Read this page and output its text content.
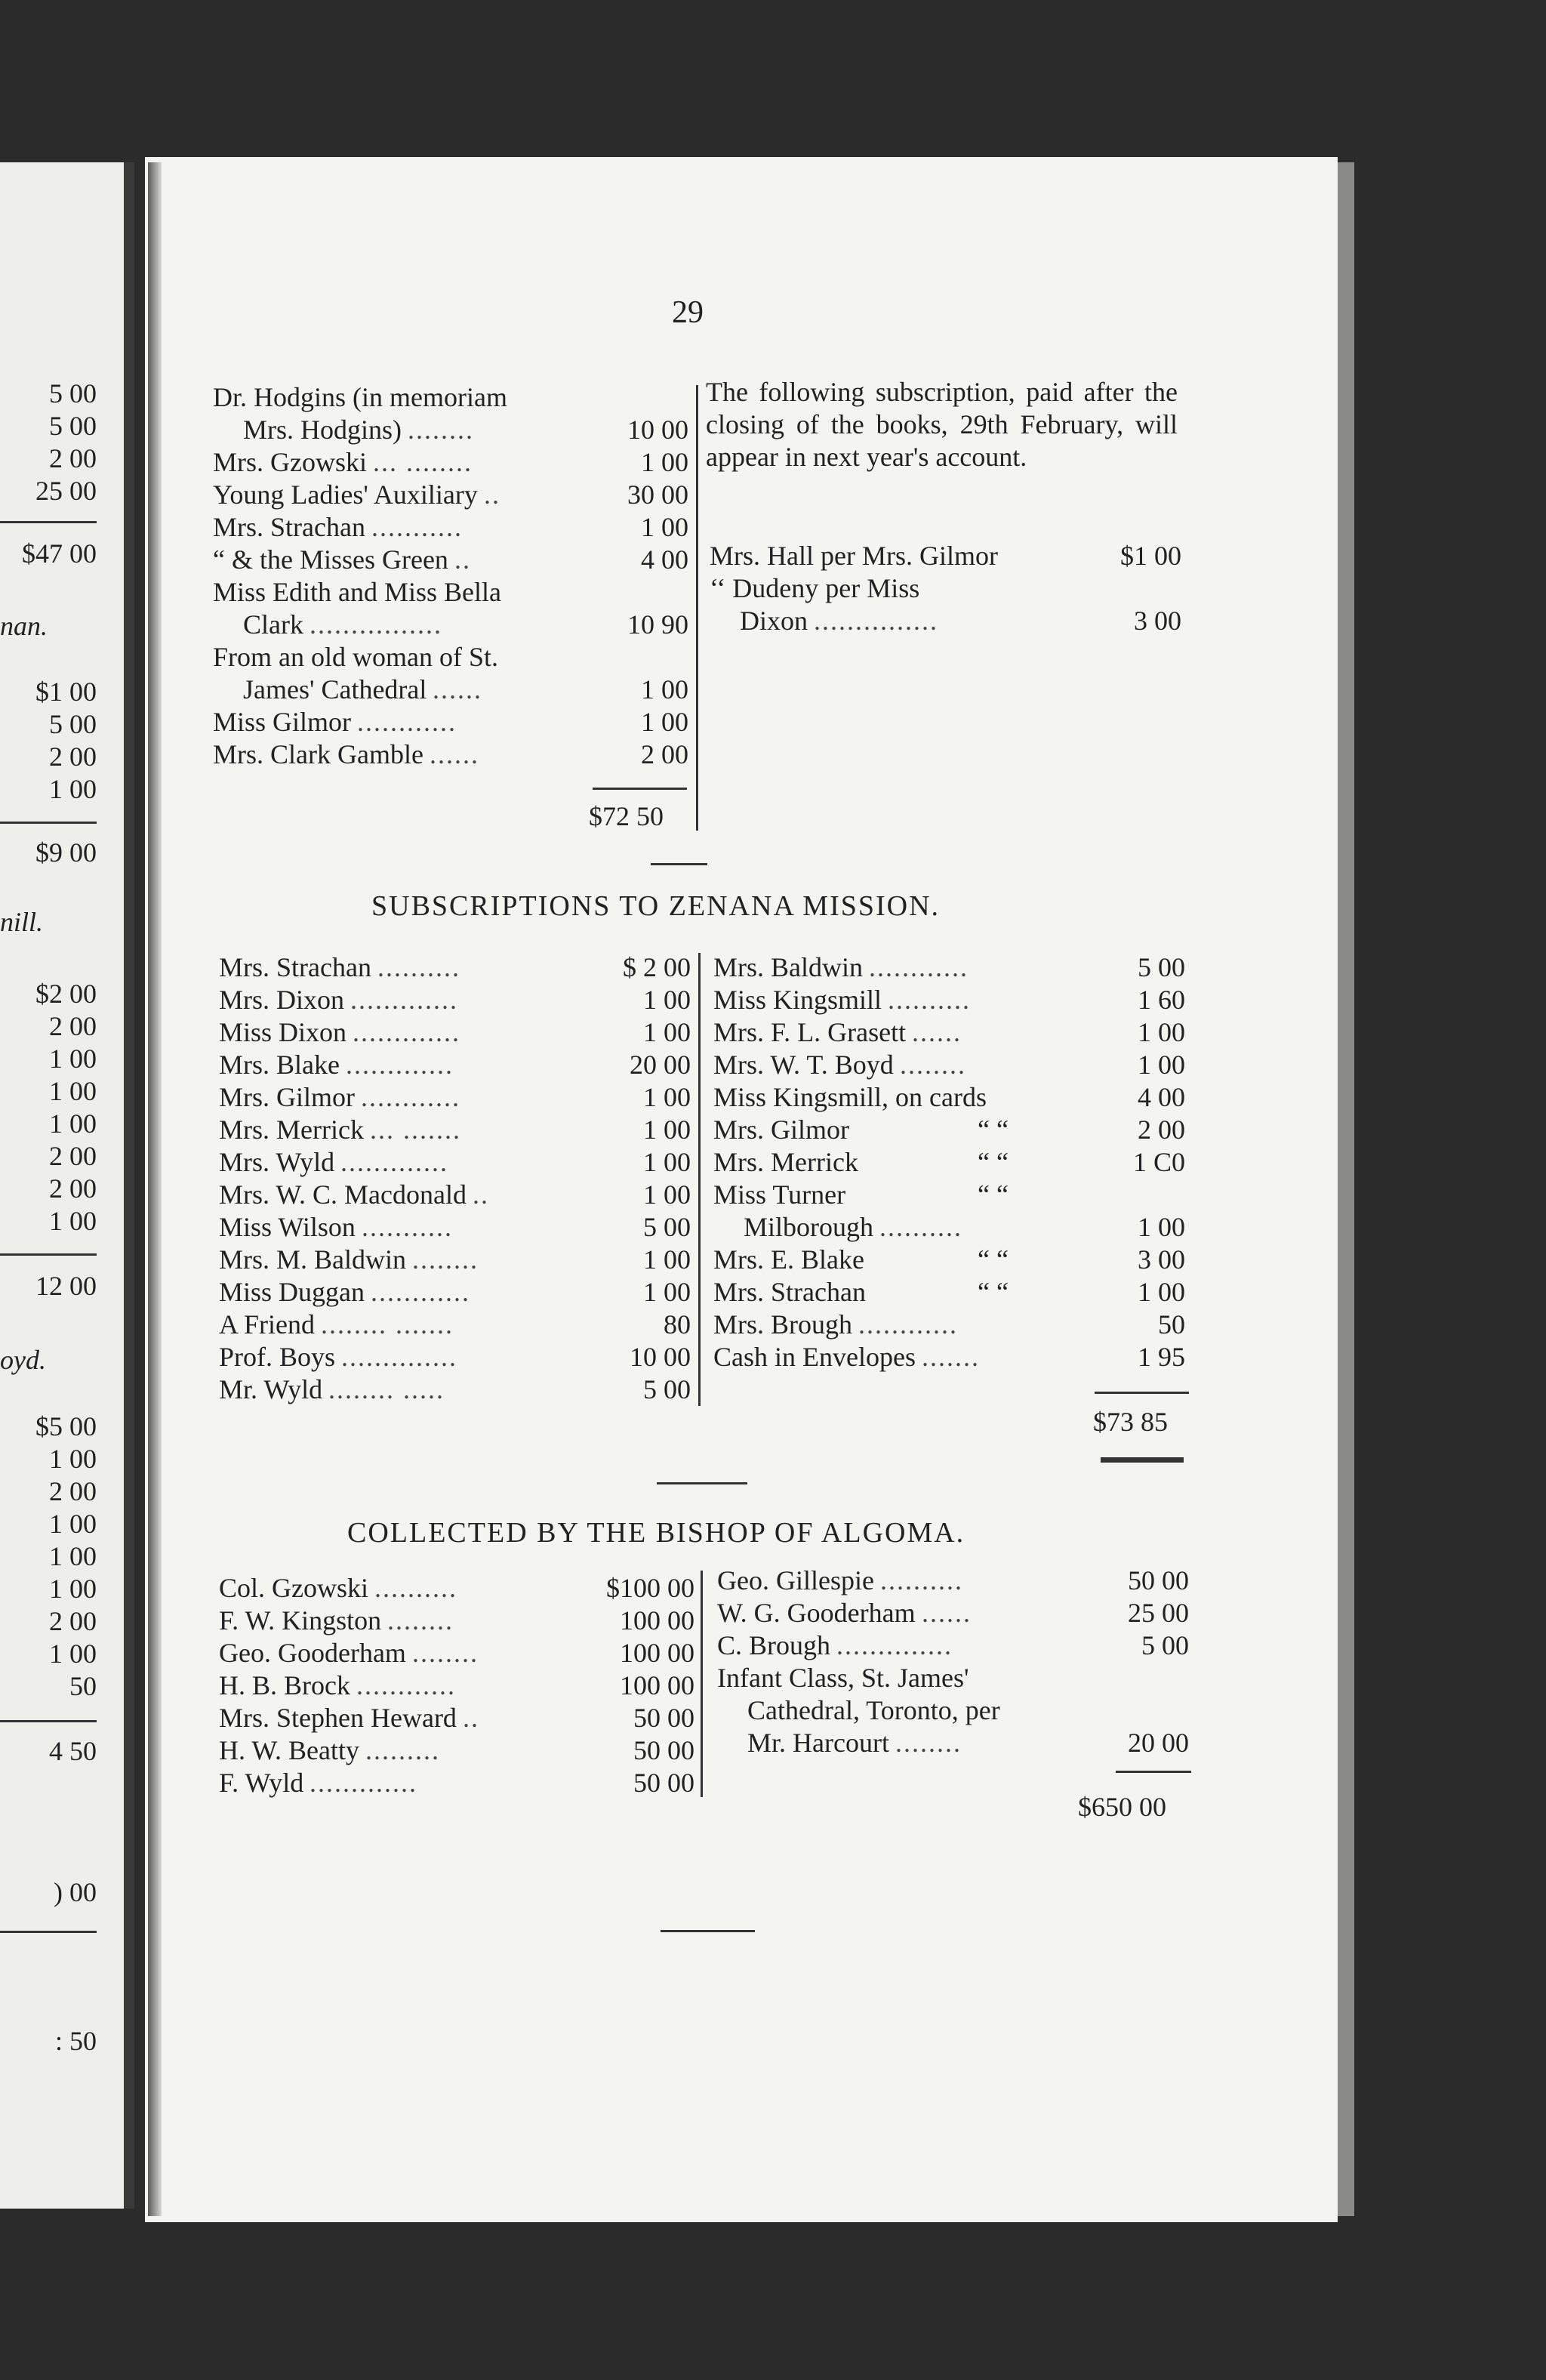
5 00
5 00
2 00
25 00
$47 00
nan.
$1 00
5 00
2 00
1 00
$9 00
nill.
$2 00
2 00
1 00
1 00
1 00
2 00
2 00
1 00
12 00
oyd.
$5 00
1 00
2 00
1 00
1 00
1 00
2 00
1 00
50
4 50
) 00
: 50
29
Dr. Hodgins (in memoriam
Mrs. Hodgins) ........	10 00
Mrs. Gzowski ... ........	1 00
Young Ladies' Auxiliary ..	30 00
Mrs. Strachan ...........	1 00
“ & the Misses Green ..	4 00
Miss Edith and Miss Bella
Clark ................	10 90
From an old woman of St.
James' Cathedral ......	1 00
Miss Gilmor ............	1 00
Mrs. Clark Gamble ......	2 00
$72 50
The following subscription, paid after the closing of the books, 29th February, will appear in next year's account.
Mrs. Hall per Mrs. Gilmor	$1 00
‘‘ Dudeny per Miss
Dixon ...............	3 00
SUBSCRIPTIONS TO ZENANA MISSION.
Mrs. Strachan ..........	$ 2 00
Mrs. Dixon .............	1 00
Miss Dixon .............	1 00
Mrs. Blake .............	20 00
Mrs. Gilmor ............	1 00
Mrs. Merrick ... .......	1 00
Mrs. Wyld .............	1 00
Mrs. W. C. Macdonald ..	1 00
Miss Wilson ...........	5 00
Mrs. M. Baldwin ........	1 00
Miss Duggan ............	1 00
A Friend ........ .......	80
Prof. Boys ..............	10 00
Mr. Wyld ........ .....	5 00
Mrs. Baldwin ............	5 00
Miss Kingsmill ..........	1 60
Mrs. F. L. Grasett ......	1 00
Mrs. W. T. Boyd ........	1 00
Miss Kingsmill, on cards	4 00
Mrs. Gilmor	“ “	2 00
Mrs. Merrick	“ “	1 C0
Miss Turner	“ “
Milborough ..........	1 00
Mrs. E. Blake	“ “	3 00
Mrs. Strachan	“ “	1 00
Mrs. Brough ............	50
Cash in Envelopes .......	1 95
$73 85
COLLECTED BY THE BISHOP OF ALGOMA.
Col. Gzowski ..........	$100 00
F. W. Kingston ........	100 00
Geo. Gooderham ........	100 00
H. B. Brock ............	100 00
Mrs. Stephen Heward ..	50 00
H. W. Beatty .........	50 00
F. Wyld .............	50 00
Geo. Gillespie ..........	50 00
W. G. Gooderham ......	25 00
C. Brough ..............	5 00
Infant Class, St. James'
Cathedral, Toronto, per
Mr. Harcourt ........	20 00
$650 00
